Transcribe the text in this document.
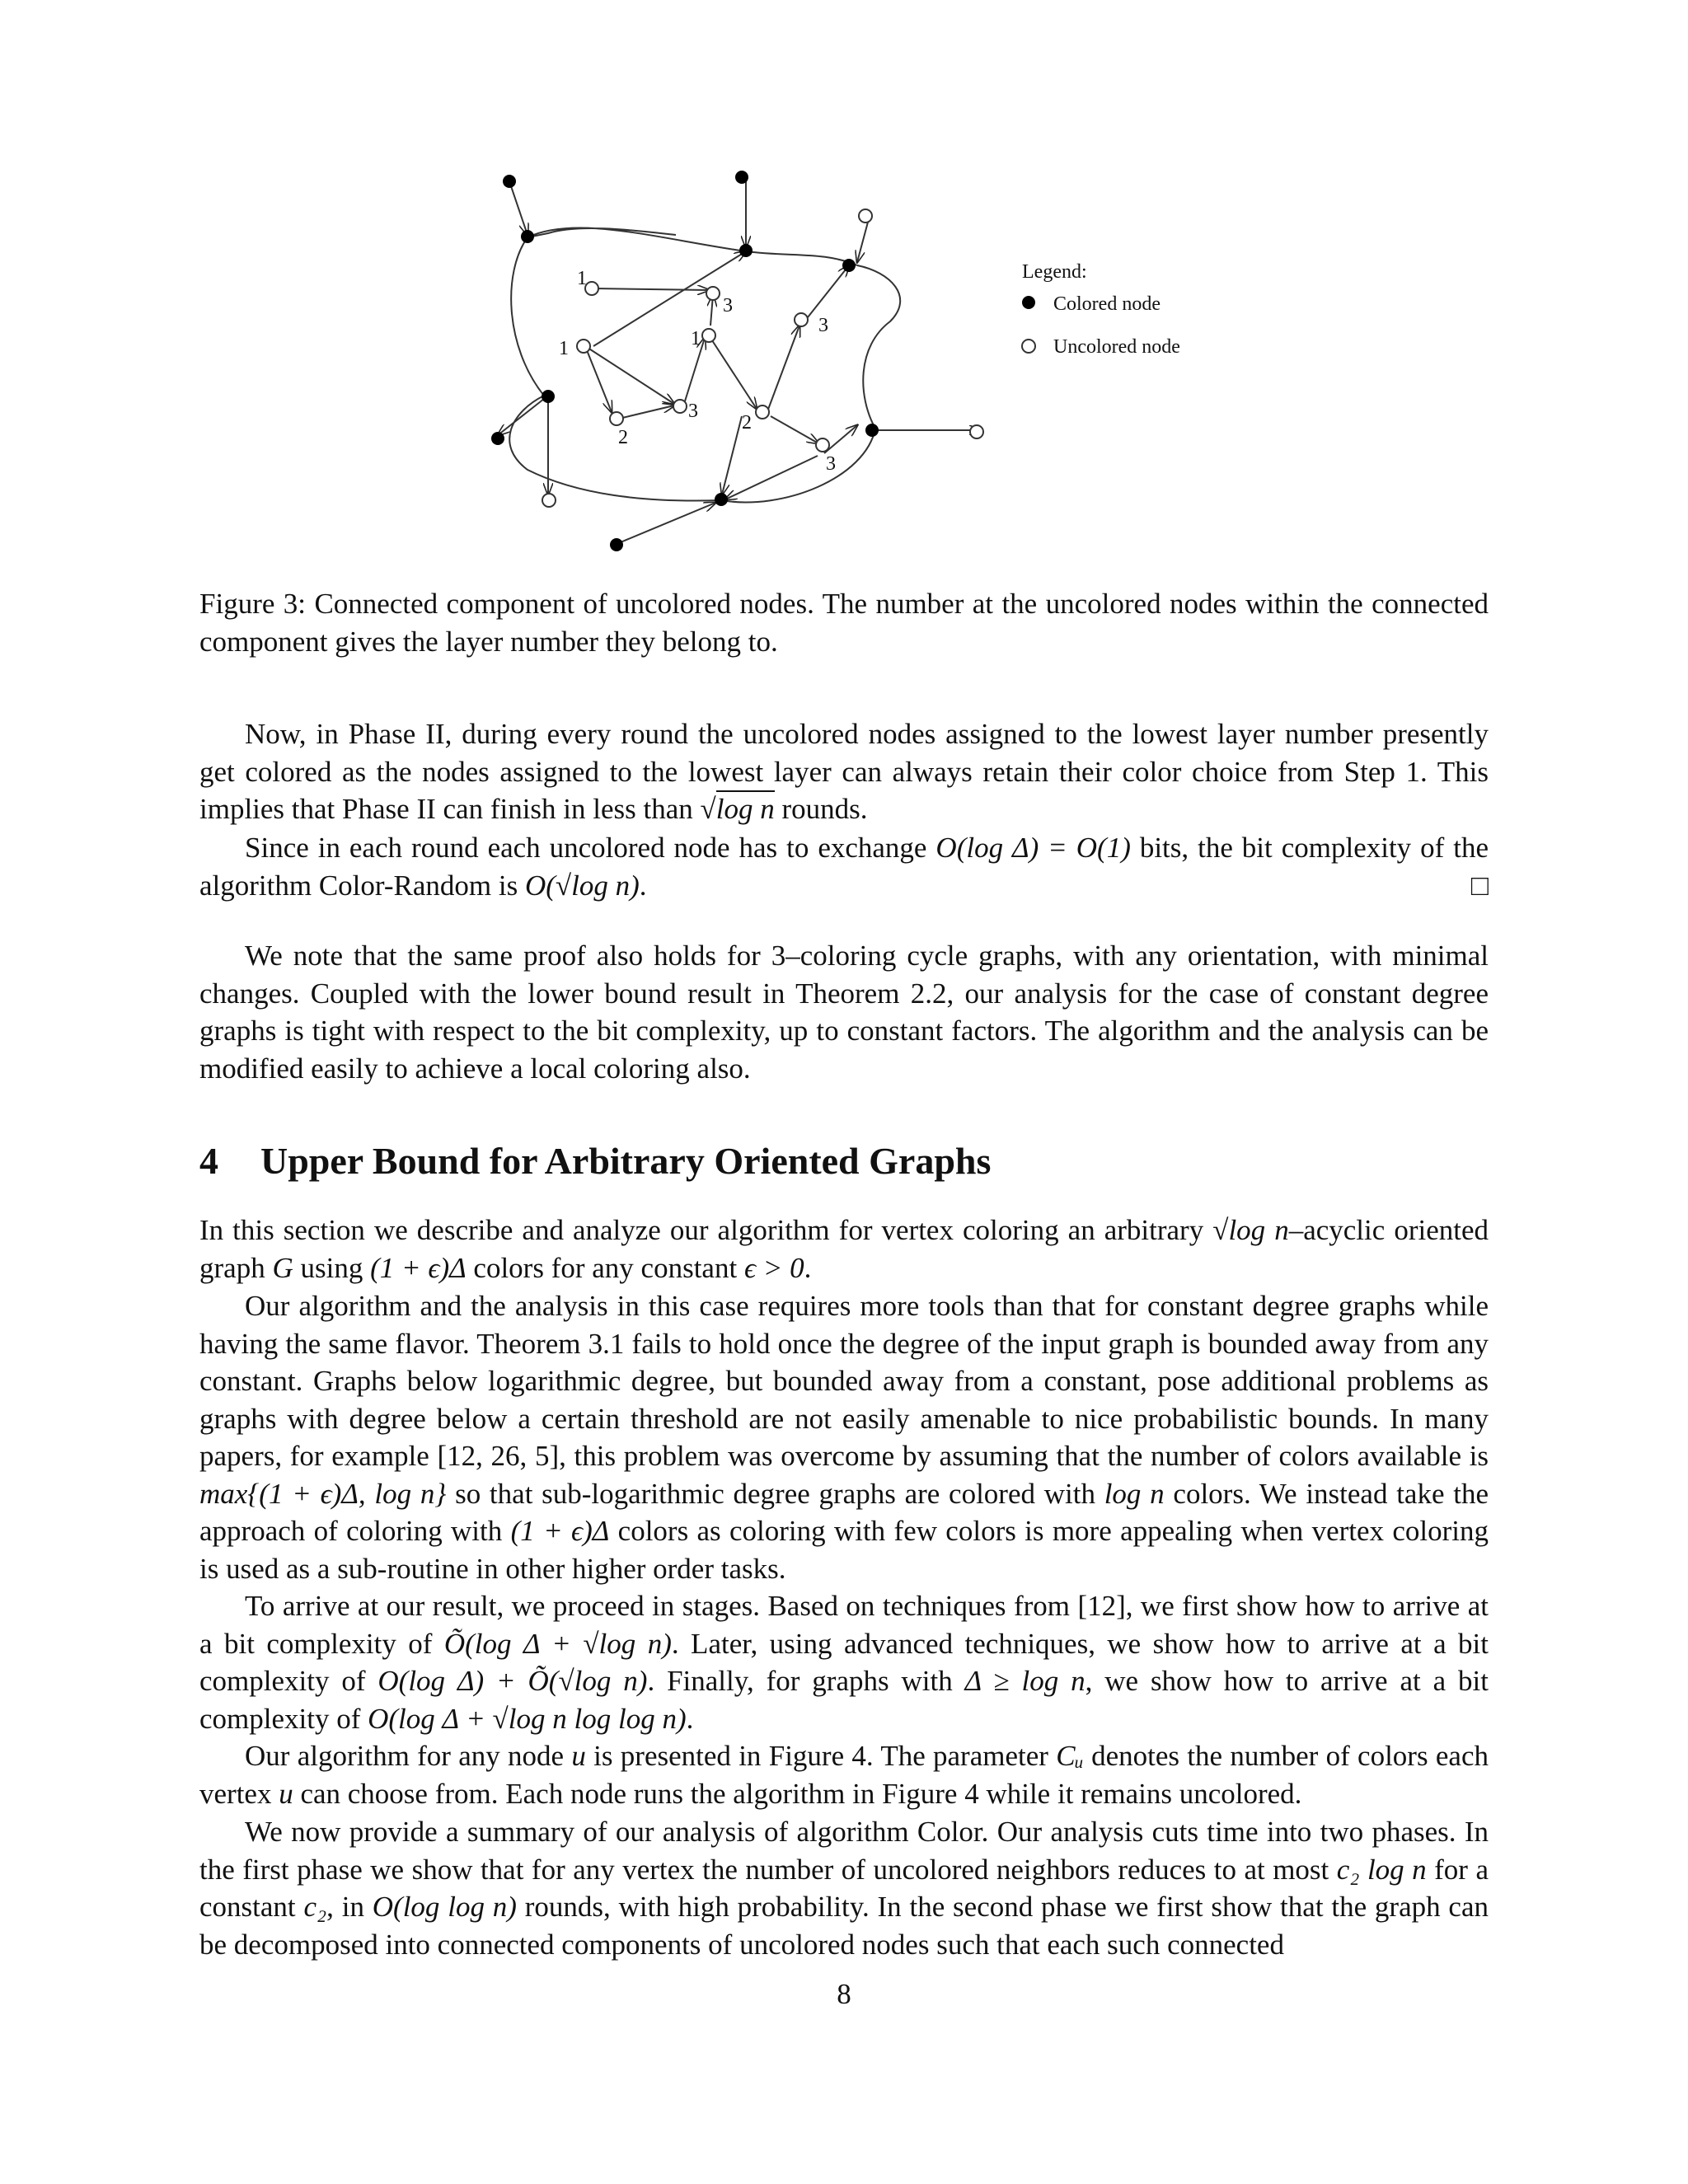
1
1	1
3
3
3
2
2
3
Legend:
Colored node
Uncolored node
Figure 3: Connected component of uncolored nodes. The number at the uncolored nodes within the connected component gives the layer number they belong to.

Now, in Phase II, during every round the uncolored nodes assigned to the lowest layer number presently get colored as the nodes assigned to the lowest layer can always retain their color choice from Step 1. This implies that Phase II can finish in less than √log n rounds.

Since in each round each uncolored node has to exchange O(log Δ) = O(1) bits, the bit complexity of the algorithm Color-Random is O(√log n).	□

We note that the same proof also holds for 3–coloring cycle graphs, with any orientation, with minimal changes. Coupled with the lower bound result in Theorem 2.2, our analysis for the case of constant degree graphs is tight with respect to the bit complexity, up to constant factors. The algorithm and the analysis can be modified easily to achieve a local coloring also.

4 Upper Bound for Arbitrary Oriented Graphs

In this section we describe and analyze our algorithm for vertex coloring an arbitrary √log n–acyclic oriented graph G using (1 + ϵ)Δ colors for any constant ϵ > 0.

Our algorithm and the analysis in this case requires more tools than that for constant degree graphs while having the same flavor. Theorem 3.1 fails to hold once the degree of the input graph is bounded away from any constant. Graphs below logarithmic degree, but bounded away from a constant, pose additional problems as graphs with degree below a certain threshold are not easily amenable to nice probabilistic bounds. In many papers, for example [12, 26, 5], this problem was overcome by assuming that the number of colors available is max{(1 + ϵ)Δ, log n} so that sub-logarithmic degree graphs are colored with log n colors. We instead take the approach of coloring with (1 + ϵ)Δ colors as coloring with few colors is more appealing when vertex coloring is used as a sub-routine in other higher order tasks.

To arrive at our result, we proceed in stages. Based on techniques from [12], we first show how to arrive at a bit complexity of Õ(log Δ + √log n). Later, using advanced techniques, we show how to arrive at a bit complexity of O(log Δ) + Õ(√log n). Finally, for graphs with Δ ≥ log n, we show how to arrive at a bit complexity of O(log Δ + √log n log log n).

Our algorithm for any node u is presented in Figure 4. The parameter Cᵤ denotes the number of colors each vertex u can choose from. Each node runs the algorithm in Figure 4 while it remains uncolored.

We now provide a summary of our analysis of algorithm Color. Our analysis cuts time into two phases. In the first phase we show that for any vertex the number of uncolored neighbors reduces to at most c₂ log n for a constant c₂, in O(log log n) rounds, with high probability. In the second phase we first show that the graph can be decomposed into connected components of uncolored nodes such that each such connected

8
